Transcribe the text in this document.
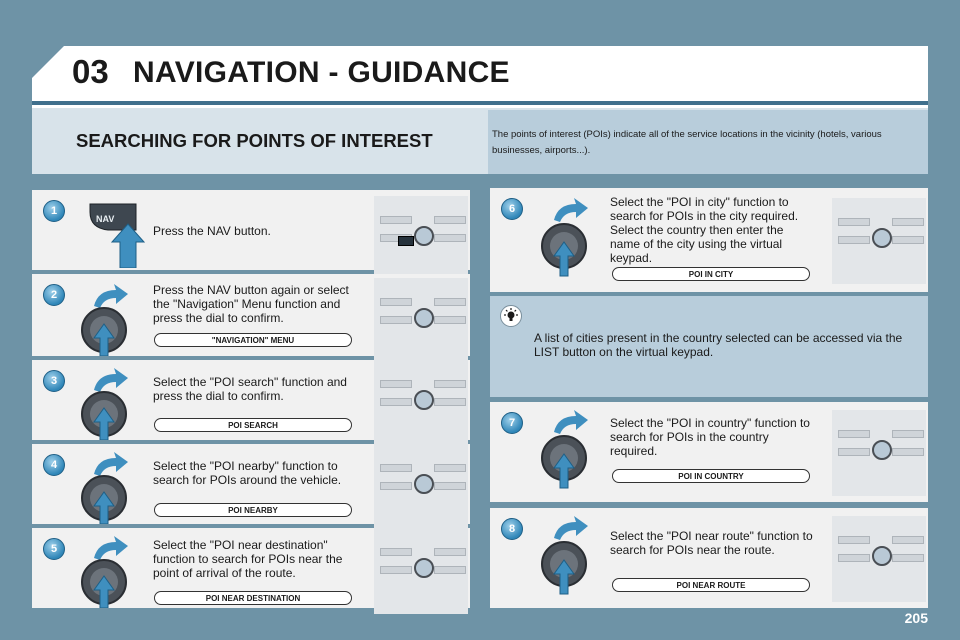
03 NAVIGATION - GUIDANCE
SEARCHING FOR POINTS OF INTEREST	The points of interest (POIs) indicate all of the service locations in the vicinity (hotels, various businesses, airports...).
1
NAV
Press the NAV button.
2	Press the NAV button again or select the "Navigation" Menu function and press the dial to confirm.
"NAVIGATION" MENU
3	Select the "POI search" function and press the dial to confirm.
POI SEARCH
4	Select the "POI nearby" function to search for POIs around the vehicle.
POI NEARBY
5	Select the "POI near destination" function to search for POIs near the point of arrival of the route.
POI NEAR DESTINATION
6	Select the "POI in city" function to search for POIs in the city required. Select the country then enter the name of the city using the virtual keypad.
POI IN CITY
A list of cities present in the country selected can be accessed via the LIST button on the virtual keypad.
7	Select the "POI in country" function to search for POIs in the country required.
POI IN COUNTRY
8	Select the "POI near route" function to search for POIs near the route.
POI NEAR ROUTE
205
